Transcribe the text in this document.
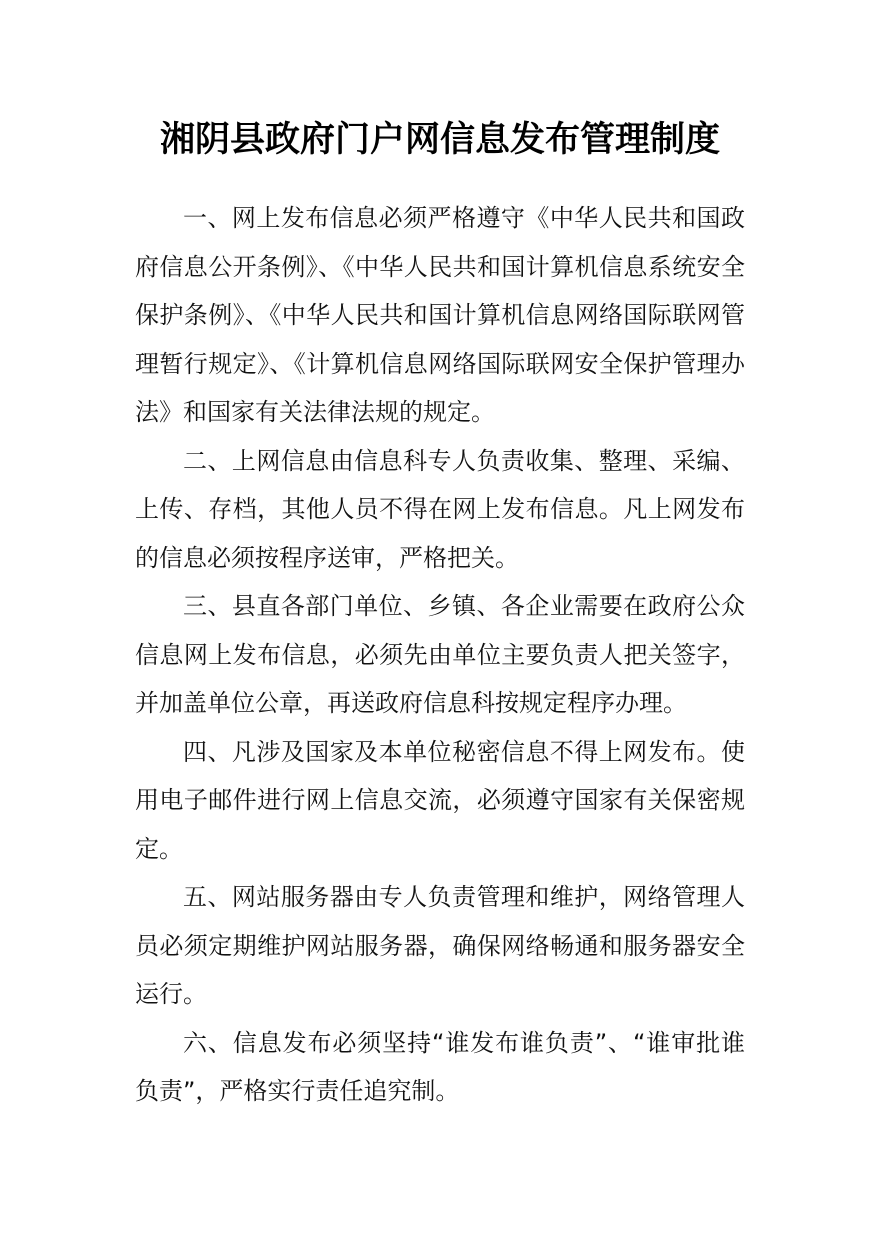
湘阴县政府门户网信息发布管理制度

一、网上发布信息必须严格遵守《中华人民共和国政府信息公开条例》、《中华人民共和国计算机信息系统安全保护条例》、《中华人民共和国计算机信息网络国际联网管理暂行规定》、《计算机信息网络国际联网安全保护管理办法》和国家有关法律法规的规定。

二、上网信息由信息科专人负责收集、整理、采编、上传、存档，其他人员不得在网上发布信息。凡上网发布的信息必须按程序送审，严格把关。

三、县直各部门单位、乡镇、各企业需要在政府公众信息网上发布信息，必须先由单位主要负责人把关签字，并加盖单位公章，再送政府信息科按规定程序办理。

四、凡涉及国家及本单位秘密信息不得上网发布。使用电子邮件进行网上信息交流，必须遵守国家有关保密规定。

五、网站服务器由专人负责管理和维护，网络管理人员必须定期维护网站服务器，确保网络畅通和服务器安全运行。

六、信息发布必须坚持“谁发布谁负责”、“谁审批谁负责”，严格实行责任追究制。
